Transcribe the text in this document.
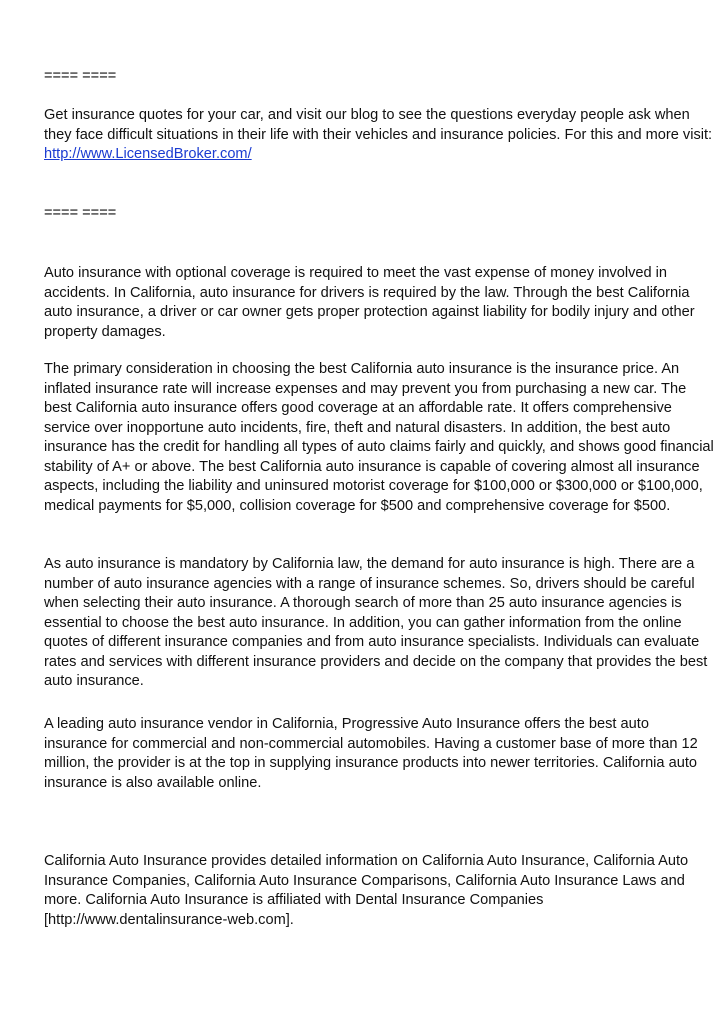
==== ====

Get insurance quotes for your car, and visit our blog to see the questions everyday people ask when they face difficult situations in their life with their vehicles and insurance policies. For this and more visit:
http://www.LicensedBroker.com/

==== ====

Auto insurance with optional coverage is required to meet the vast expense of money involved in accidents. In California, auto insurance for drivers is required by the law. Through the best California auto insurance, a driver or car owner gets proper protection against liability for bodily injury and other property damages.

The primary consideration in choosing the best California auto insurance is the insurance price. An inflated insurance rate will increase expenses and may prevent you from purchasing a new car. The best California auto insurance offers good coverage at an affordable rate. It offers comprehensive service over inopportune auto incidents, fire, theft and natural disasters. In addition, the best auto insurance has the credit for handling all types of auto claims fairly and quickly, and shows good financial stability of A+ or above. The best California auto insurance is capable of covering almost all insurance aspects, including the liability and uninsured motorist coverage for $100,000 or $300,000 or $100,000, medical payments for $5,000, collision coverage for $500 and comprehensive coverage for $500.

As auto insurance is mandatory by California law, the demand for auto insurance is high. There are a number of auto insurance agencies with a range of insurance schemes. So, drivers should be careful when selecting their auto insurance. A thorough search of more than 25 auto insurance agencies is essential to choose the best auto insurance. In addition, you can gather information from the online quotes of different insurance companies and from auto insurance specialists. Individuals can evaluate rates and services with different insurance providers and decide on the company that provides the best auto insurance.

A leading auto insurance vendor in California, Progressive Auto Insurance offers the best auto insurance for commercial and non-commercial automobiles. Having a customer base of more than 12 million, the provider is at the top in supplying insurance products into newer territories. California auto insurance is also available online.

California Auto Insurance provides detailed information on California Auto Insurance, California Auto Insurance Companies, California Auto Insurance Comparisons, California Auto Insurance Laws and more. California Auto Insurance is affiliated with Dental Insurance Companies [http://www.dentalinsurance-web.com].
